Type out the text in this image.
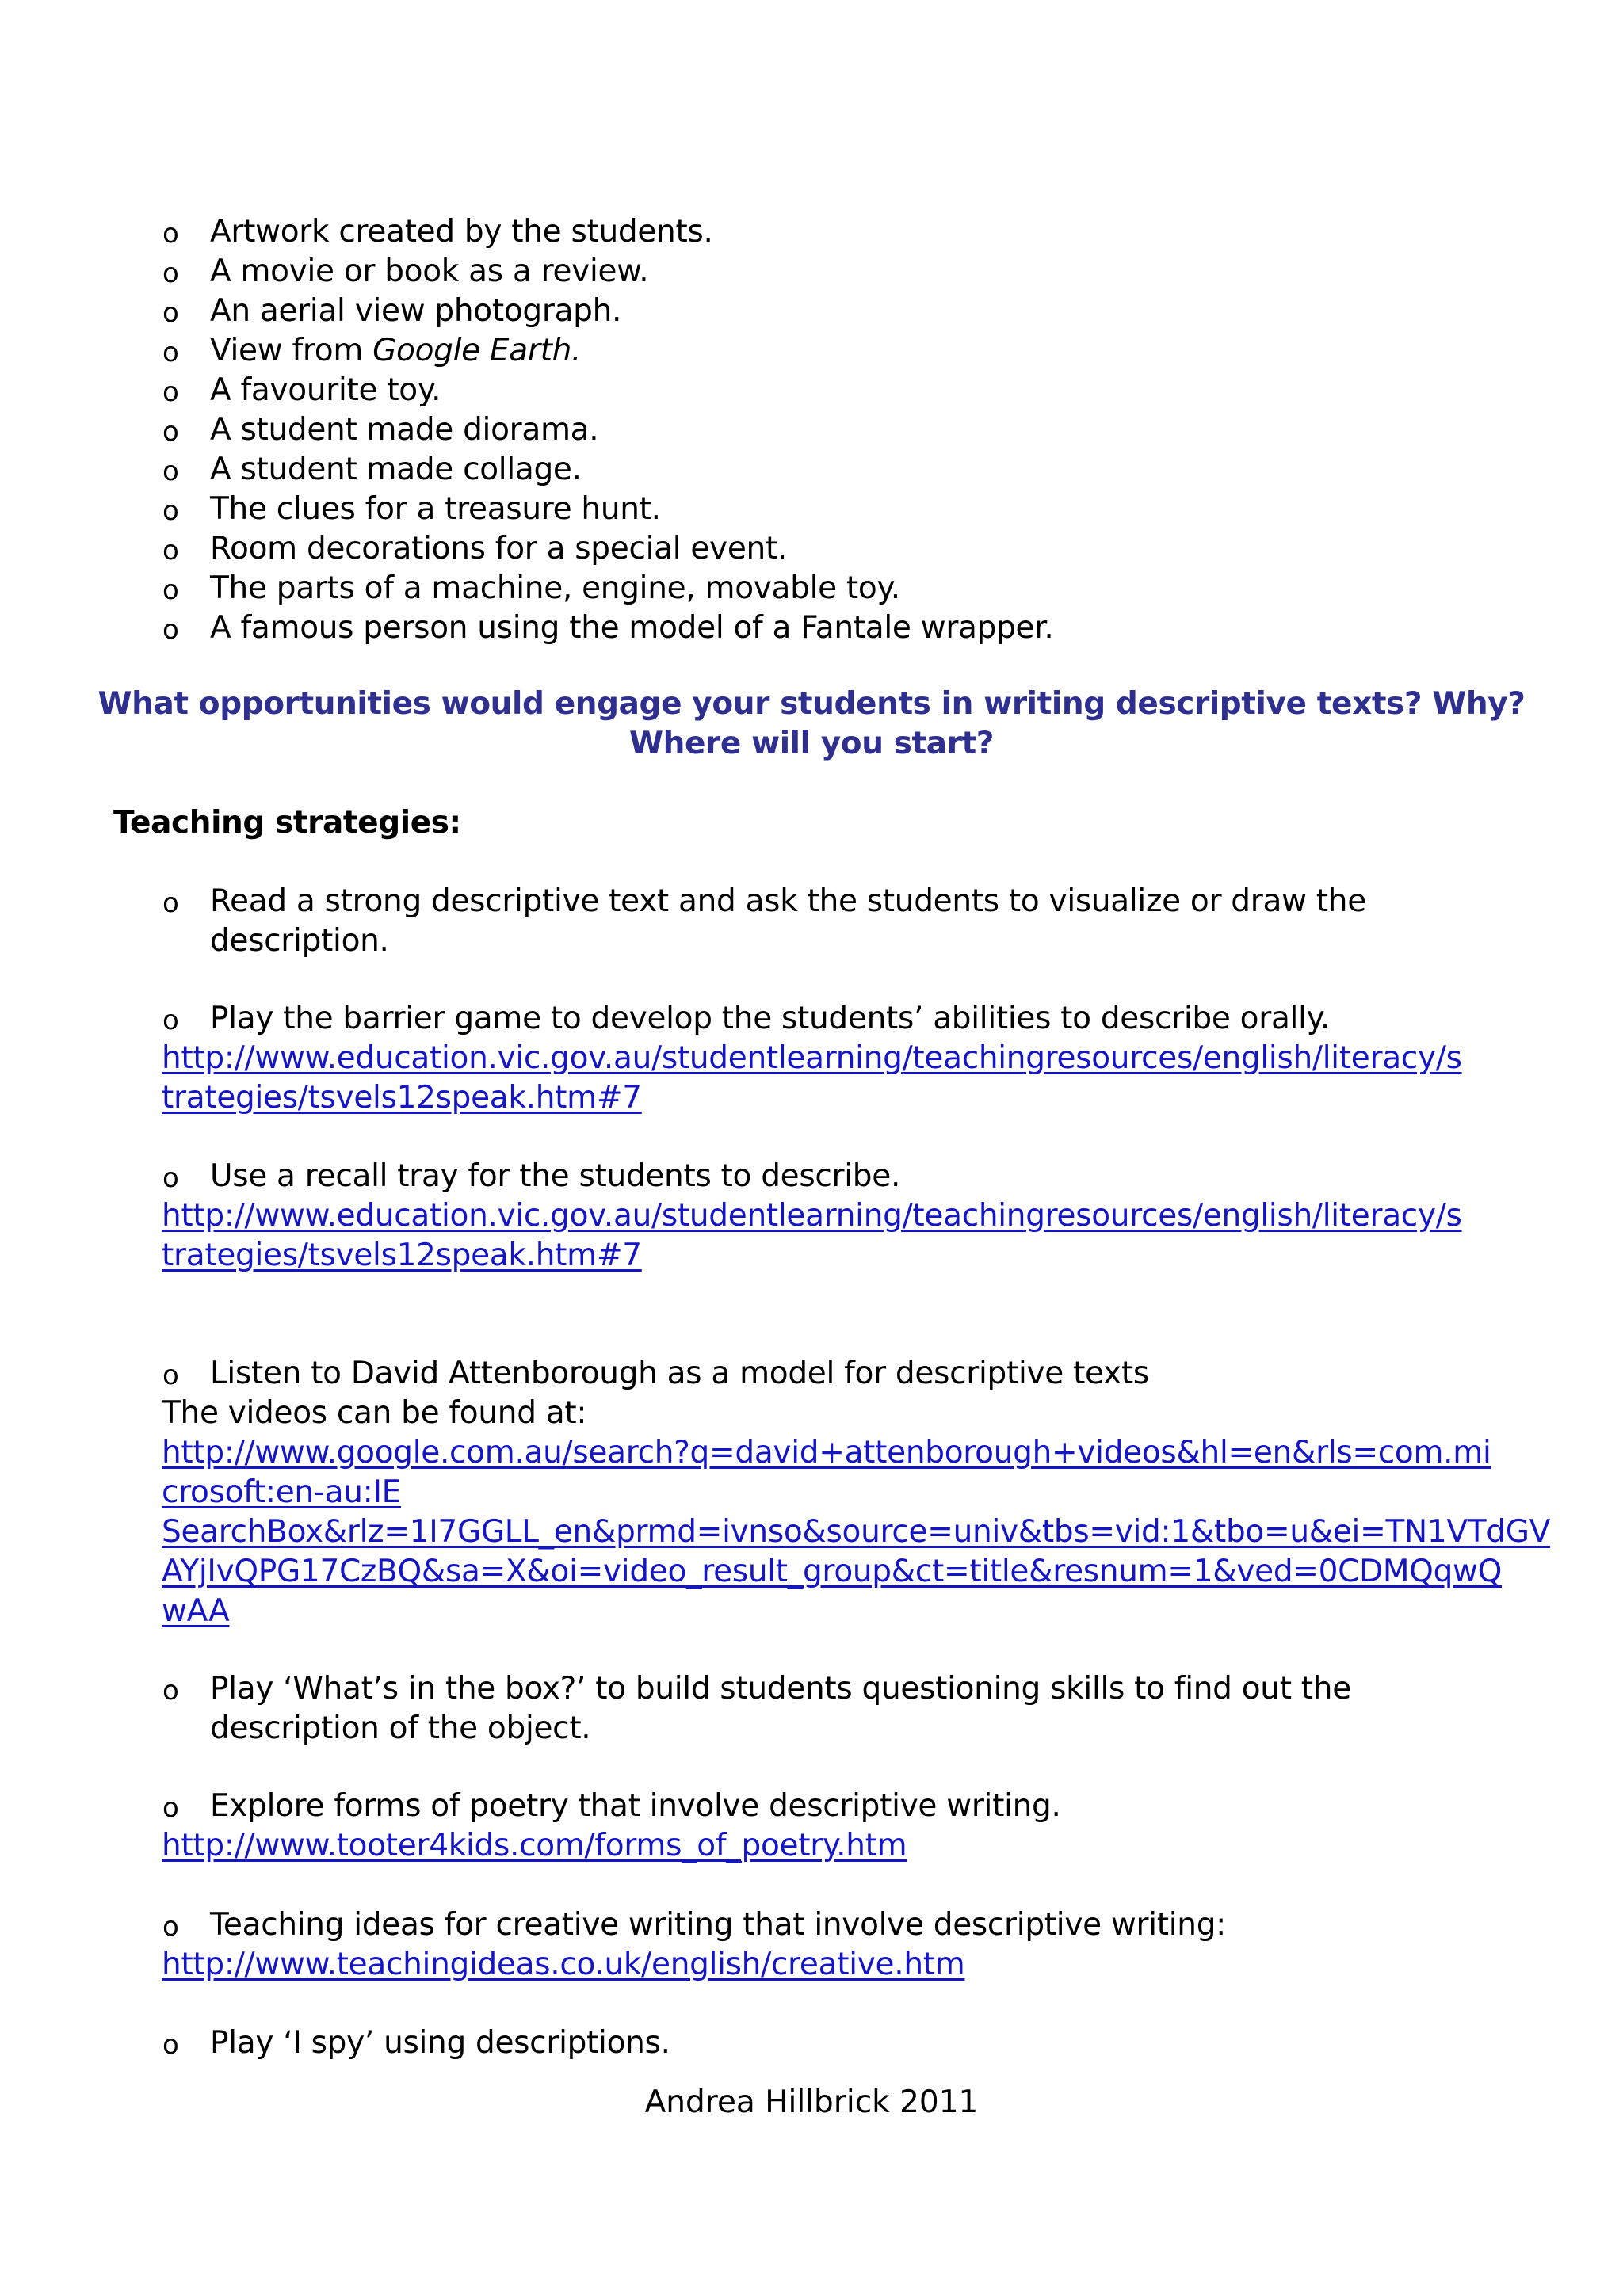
o Artwork created by the students.
o A movie or book as a review.
o An aerial view photograph.
o View from Google Earth.
o A favourite toy.
o A student made diorama.
o A student made collage.
o The clues for a treasure hunt.
o Room decorations for a special event.
o The parts of a machine, engine, movable toy.
o A famous person using the model of a Fantale wrapper.
What opportunities would engage your students in writing descriptive texts? Why?
Where will you start?
Teaching strategies:
o Read a strong descriptive text and ask the students to visualize or draw the
description.
o Play the barrier game to develop the students’ abilities to describe orally.
http://www.education.vic.gov.au/studentlearning/teachingresources/english/literacy/s
trategies/tsvels12speak.htm#7
o Use a recall tray for the students to describe.
http://www.education.vic.gov.au/studentlearning/teachingresources/english/literacy/s
trategies/tsvels12speak.htm#7
o Listen to David Attenborough as a model for descriptive texts
The videos can be found at:
http://www.google.com.au/search?q=david+attenborough+videos&hl=en&rls=com.mi
crosoft:en-au:IE
SearchBox&rlz=1I7GGLL_en&prmd=ivnso&source=univ&tbs=vid:1&tbo=u&ei=TN1VTdGV
AYjIvQPG17CzBQ&sa=X&oi=video_result_group&ct=title&resnum=1&ved=0CDMQqwQ
wAA
o Play ‘What’s in the box?’ to build students questioning skills to find out the
description of the object.
o Explore forms of poetry that involve descriptive writing.
http://www.tooter4kids.com/forms_of_poetry.htm
o Teaching ideas for creative writing that involve descriptive writing:
http://www.teachingideas.co.uk/english/creative.htm
o Play ‘I spy’ using descriptions.
Andrea Hillbrick 2011
